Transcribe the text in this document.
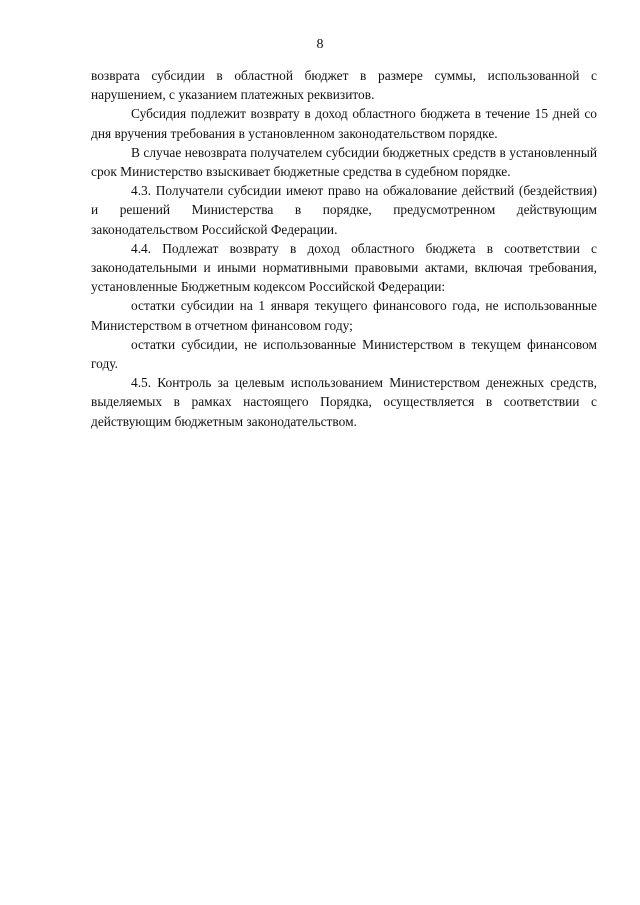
8

возврата субсидии в областной бюджет в размере суммы, использованной с нарушением, с указанием платежных реквизитов.

Субсидия подлежит возврату в доход областного бюджета в течение 15 дней со дня вручения требования в установленном законодательством порядке.

В случае невозврата получателем субсидии бюджетных средств в установленный срок Министерство взыскивает бюджетные средства в судебном порядке.

4.3. Получатели субсидии имеют право на обжалование действий (бездействия) и решений Министерства в порядке, предусмотренном действующим законодательством Российской Федерации.

4.4. Подлежат возврату в доход областного бюджета в соответствии с законодательными и иными нормативными правовыми актами, включая требования, установленные Бюджетным кодексом Российской Федерации:

остатки субсидии на 1 января текущего финансового года, не использованные Министерством в отчетном финансовом году;

остатки субсидии, не использованные Министерством в текущем финансовом году.

4.5. Контроль за целевым использованием Министерством денежных средств, выделяемых в рамках настоящего Порядка, осуществляется в соответствии с действующим бюджетным законодательством.
